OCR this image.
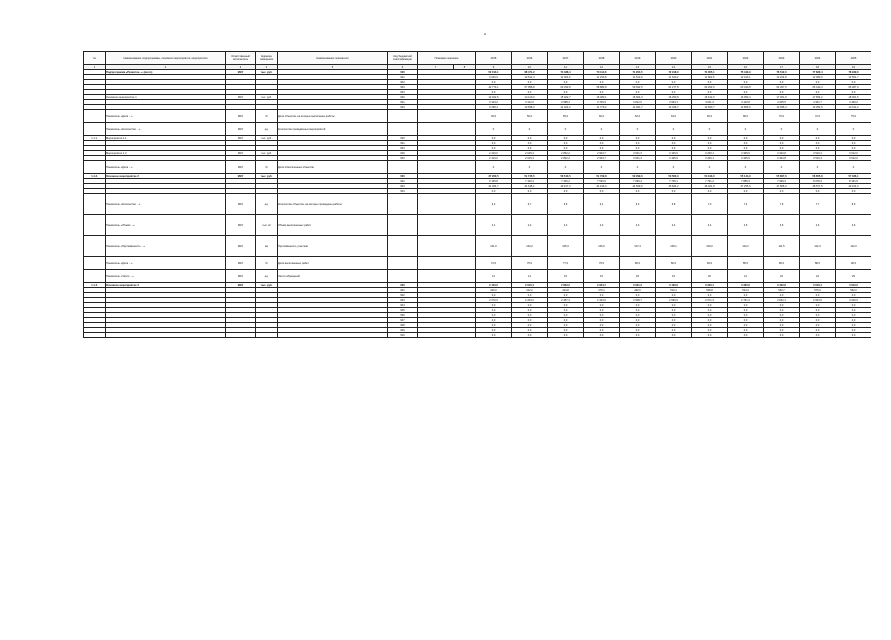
"
№	Наименование подпрограммы, основного мероприятия, мероприятия	Ответственный исполнитель	Единица измерения	Наименование показателя	Код бюджетной классификации	Плановое значение		2015	2016	2017	2018	2019	2020	2021	2022	2023	2024	2025
1	2	3	4	5	6	7	8	9	10	11	12	13	14	15	16	17	18	19
	Подпрограмма «Развитие...» (всего)	МКУ	тыс. руб.		000			52 013,1	68 471,2	74 338,4	70 114,6	71 204,5	72 918,0	74 005,1	75 440,9	76 512,3	77 820,4	78 939,6
					901			9 240,0	10 512,4	11 004,6	11 230,8	11 512,0	11 640,2	11 802,5	12 010,1	12 204,8	12 380,0	12 551,7
					902			0,0	0,0	0,0	0,0	0,0	0,0	0,0	0,0	0,0	0,0	0,0
					903			42 773,1	57 958,8	63 333,8	58 883,8	59 692,5	61 277,8	62 202,6	63 430,8	64 307,5	65 440,4	66 387,9
					904			0,0	0,0	0,0	0,0	0,0	0,0	0,0	0,0	0,0	0,0	0,0
	Основное мероприятие 1	МКУ	тыс. руб.		000			12 402,6	14 110,3	15 022,7	15 480,1	15 904,3	16 250,8	16 612,0	16 990,4	17 301,9	17 654,2	18 001,5
					901			3 104,2	3 412,0	3 598,4	3 700,9	3 812,6	3 904,1	4 011,3	4 120,8	4 205,5	4 301,7	4 390,2
					903			9 298,4	10 698,3	11 424,3	11 779,2	12 091,7	12 346,7	12 600,7	12 869,6	13 096,4	13 352,5	13 611,3
	Показатель «Доля ...»	МКУ	%	Доля объектов, на которых выполнены работы				45,0	50,0	55,0	60,0	62,0	64,0	66,0	68,0	70,0	72,0	75,0
	Показатель «Количество ...»	МКУ	ед.	Количество проведённых мероприятий				0	0	0	0	0	0	0	0	0	0	0
1.1.1.	Мероприятие 1.1	МКУ	тыс. руб.		000			0,0	0,0	0,0	0,0	0,0	0,0	0,0	0,0	0,0	0,0	0,0
					901			0,0	0,0	0,0	0,0	0,0	0,0	0,0	0,0	0,0	0,0	0,0
					903			0,0	0,0	0,0	0,0	0,0	0,0	0,0	0,0	0,0	0,0	0,0
	Мероприятие 1.2	МКУ	тыс. руб.		000			2 410,0	2 615,4	2 802,2	2 904,7	3 001,3	3 106,9	3 200,1	3 305,6	3 402,8	3 510,4	3 612,0
					903			2 410,0	2 615,4	2 802,2	2 904,7	3 001,3	3 106,9	3 200,1	3 305,6	3 402,8	3 510,4	3 612,0
	Показатель «Доля ...»	МКУ	%	Доля обеспеченных объектов				0	0	0	0	0	0	0	0	0	0	0
1.1.2.	Основное мероприятие 2	МКУ	тыс. руб.		000			37 200,5	51 745,5	56 513,5	51 729,8	52 299,0	53 560,3	54 193,0	55 144,9	55 807,6	56 655,8	57 326,1
					901			6 135,8	7 100,4	7 406,2	7 529,9	7 699,4	7 736,1	7 791,2	7 889,3	7 999,3	8 078,3	8 161,5
					903			31 064,7	44 645,1	49 107,3	44 199,9	44 599,6	45 824,2	46 401,8	47 255,6	47 808,3	48 577,5	49 164,6
					904			0,0	0,0	0,0	0,0	0,0	0,0	0,0	0,0	0,0	0,0	0,0
	Показатель «Количество ...»	МКУ	ед.	Количество объектов, на которых проведены работы				6,2	6,7	6,5	6,1	6,3	6,8	7,0	7,4	7,6	7,7	8,0
	Показатель «Объём ...»	МКУ	тыс. м²	Объём выполненных работ				2,1	2,2	2,2	2,3	2,3	2,4	2,4	2,5	2,5	2,6	2,6
	Показатель «Протяжённость ...»	МКУ	км	Протяжённость участков				101,0	104,2	105,3	106,0	107,4	108,1	109,0	110,2	111,5	112,3	113,0
	Показатель «Доля ...»	МКУ	%	Доля выполненных работ				72,0	75,0	77,0	79,0	80,0	82,0	84,0	85,0	86,0	88,0	90,0
	Показатель «Число ...»	МКУ	ед.	Число обращений				12	14	15	16	18	19	20	21	22	24	25
1.1.3.	Основное мероприятие 3	МКУ	тыс. руб.		000			2 410,0	2 615,4	2 802,2	2 904,7	3 001,3	3 106,9	3 200,1	3 305,6	3 402,8	3 510,4	3 612,0
					901			340,0	412,2	444,8	470,1	492,6	510,4	528,8	544,3	560,7	576,9	592,0
					902			0,0	0,0	0,0	0,0	0,0	0,0	0,0	0,0	0,0	0,0	0,0
					903			2 070,0	2 203,2	2 357,4	2 434,6	2 508,7	2 596,5	2 671,3	2 761,3	2 842,1	2 933,5	3 020,0
					904			0,0	0,0	0,0	0,0	0,0	0,0	0,0	0,0	0,0	0,0	0,0
					905			0,0	0,0	0,0	0,0	0,0	0,0	0,0	0,0	0,0	0,0	0,0
					906			0,0	0,0	0,0	0,0	0,0	0,0	0,0	0,0	0,0	0,0	0,0
					907			0,0	0,0	0,0	0,0	0,0	0,0	0,0	0,0	0,0	0,0	0,0
					908			0,0	0,0	0,0	0,0	0,0	0,0	0,0	0,0	0,0	0,0	0,0
					909			0,0	0,0	0,0	0,0	0,0	0,0	0,0	0,0	0,0	0,0	0,0
					910			0,0	0,0	0,0	0,0	0,0	0,0	0,0	0,0	0,0	0,0	0,0
